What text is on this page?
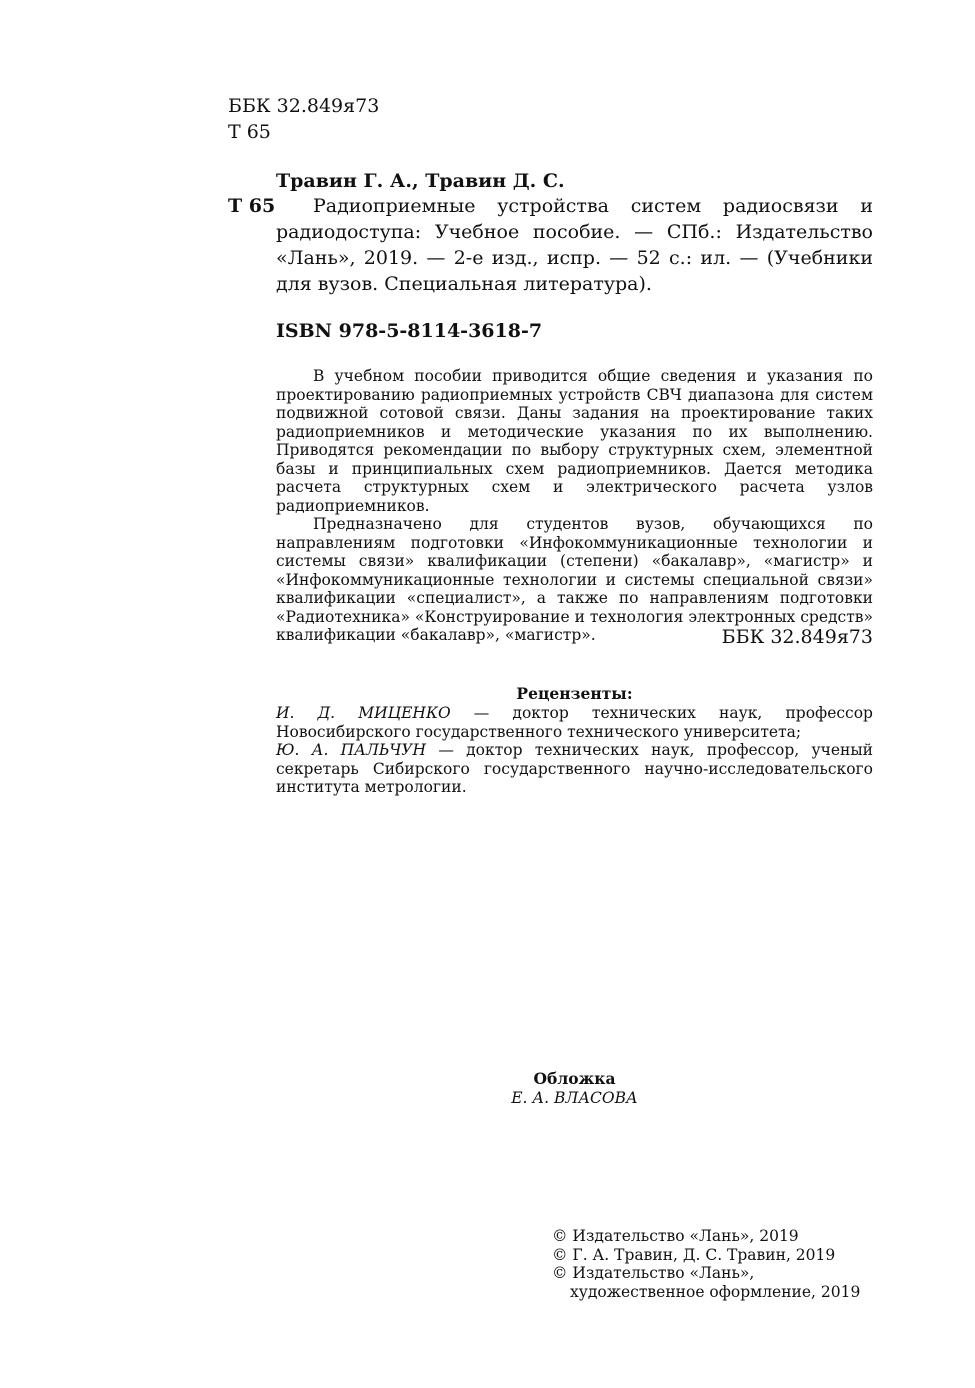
ББК 32.849я73
Т 65
Травин Г. А., Травин Д. С.
Т 65	Радиоприемные устройства систем радиосвязи и радиодоступа: Учебное пособие. — СПб.: Издательство «Лань», 2019. — 2-е изд., испр. — 52 с.: ил. — (Учебники для вузов. Специальная литература).
ISBN 978-5-8114-3618-7

В учебном пособии приводится общие сведения и указания по проектированию радиоприемных устройств СВЧ диапазона для систем подвижной сотовой связи. Даны задания на проектирование таких радиоприемников и методические указания по их выполнению. Приводятся рекомендации по выбору структурных схем, элементной базы и принципиальных схем радиоприемников. Дается методика расчета структурных схем и электрического расчета узлов радиоприемников.

Предназначено для студентов вузов, обучающихся по направлениям подготовки «Инфокоммуникационные технологии и системы связи» квалификации (степени) «бакалавр», «магистр» и «Инфокоммуникационные технологии и системы специальной связи» квалификации «специалист», а также по направлениям подготовки «Радиотехника» «Конструирование и технология электронных средств» квалификации «бакалавр», «магистр».	ББК 32.849я73
Рецензенты:

И. Д. МИЦЕНКО — доктор технических наук, профессор Новосибирского государственного технического университета;

Ю. А. ПАЛЬЧУН — доктор технических наук, профессор, ученый секретарь Сибирского государственного научно-исследовательского института метрологии.

Обложка
Е. А. ВЛАСОВА
© Издательство «Лань», 2019
© Г. А. Травин, Д. С. Травин, 2019
© Издательство «Лань»,
художественное оформление, 2019
